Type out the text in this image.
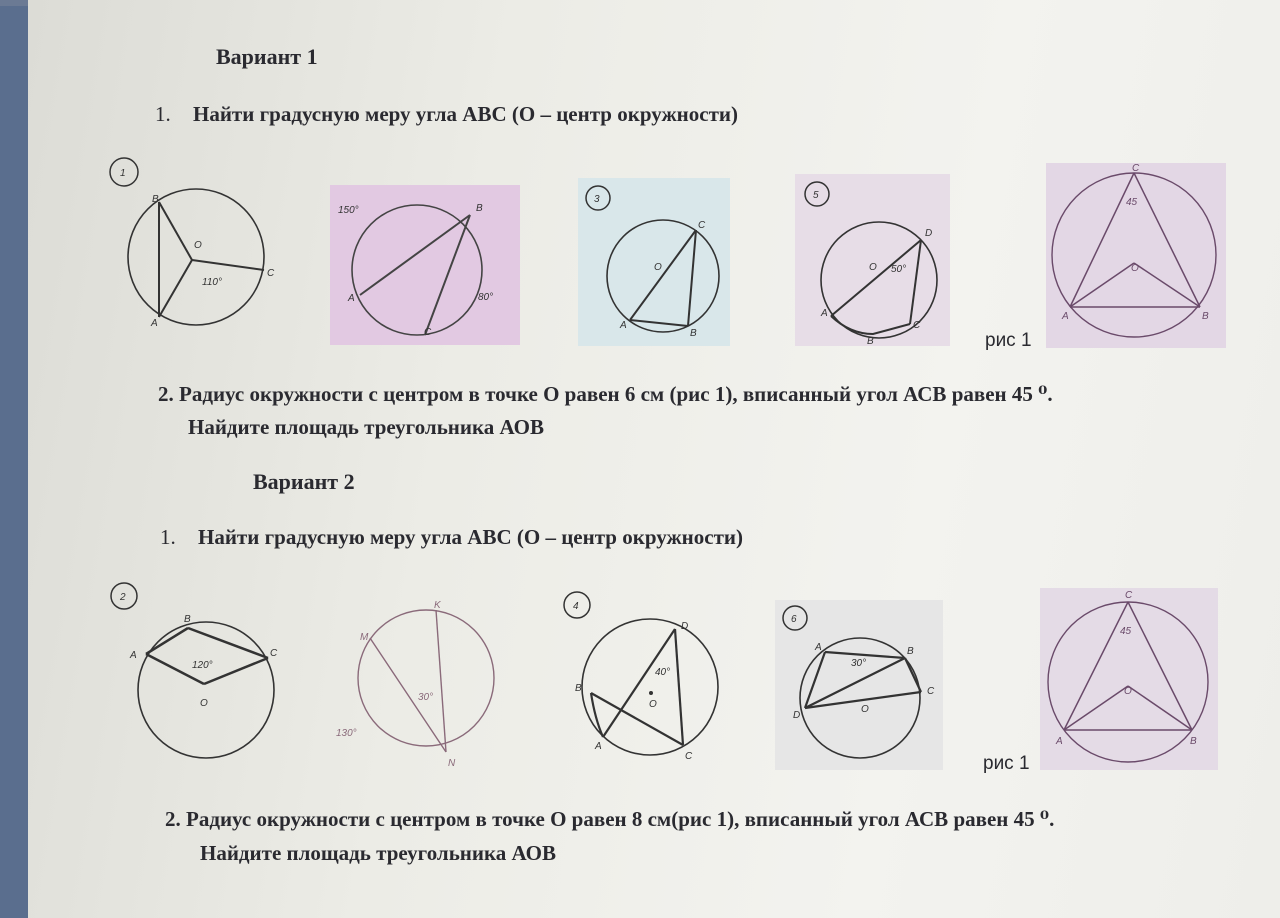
Вариант 1
1. Найти градусную меру угла АВС (О – центр окружности)
1
B
O
C
A
110°
150°	B
A	80°
C
3
C
O
A
B
5
D
O 50°
A
C
B	рис 1
C
45
O
A	B
2. Радиус окружности с центром в точке О равен 6 см (рис 1), вписанный угол АСВ равен 45 ⁰.
Найдите площадь треугольника АОВ
Вариант 2
1. Найти градусную меру угла АВС (О – центр окружности)
2
B
A	C
120°
O
K
M
30°
130°
N
4
D
40°
O
B
A
C
6
A	B
30°
C
D
O
рис 1
C
45
O
A	B
2. Радиус окружности с центром в точке О равен 8 см(рис 1), вписанный угол АСВ равен 45 ⁰.
Найдите площадь треугольника АОВ
